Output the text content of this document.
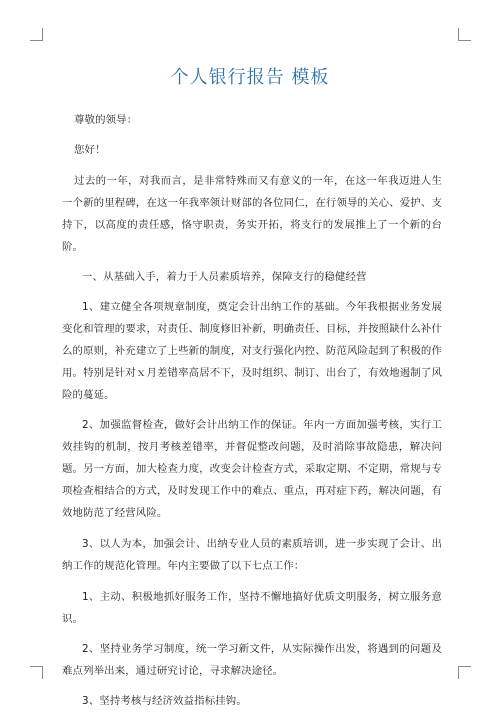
个人银行报告 模板

尊敬的领导：

您好！

过去的一年，对我而言，是非常特殊而又有意义的一年，在这一年我迈进人生一个新的里程碑，在这一年我率领计财部的各位同仁，在行领导的关心、爱护、支持下，以高度的责任感，恪守职责，务实开拓，将支行的发展推上了一个新的台阶。

一、从基础入手，着力于人员素质培养，保障支行的稳健经营

1、建立健全各项规章制度，奠定会计出纳工作的基础。今年我根据业务发展变化和管理的要求，对责任、制度修旧补新，明确责任、目标，并按照缺什么补什么的原则，补充建立了上些新的制度，对支行强化内控、防范风险起到了积极的作用。特别是针对ｘ月差错率高居不下，及时组织、制订、出台了，有效地遏制了风险的蔓延。

2、加强监督检查，做好会计出纳工作的保证。年内一方面加强考核，实行工效挂钩的机制，按月考核差错率，并督促整改问题，及时消除事故隐患，解决问题。另一方面，加大检查力度，改变会计检查方式，采取定期、不定期，常规与专项检查相结合的方式，及时发现工作中的难点、重点，再对症下药，解决问题，有效地防范了经营风险。

3、以人为本，加强会计、出纳专业人员的素质培训，进一步实现了会计、出纳工作的规范化管理。年内主要做了以下七点工作：

1、主动、积极地抓好服务工作，坚持不懈地搞好优质文明服务，树立服务意识。

2、坚持业务学习制度，统一学习新文件，从实际操作出发，将遇到的问题及难点列举出来，通过研究讨论，寻求解决途径。

3、坚持考核与经济效益指标挂钩。
